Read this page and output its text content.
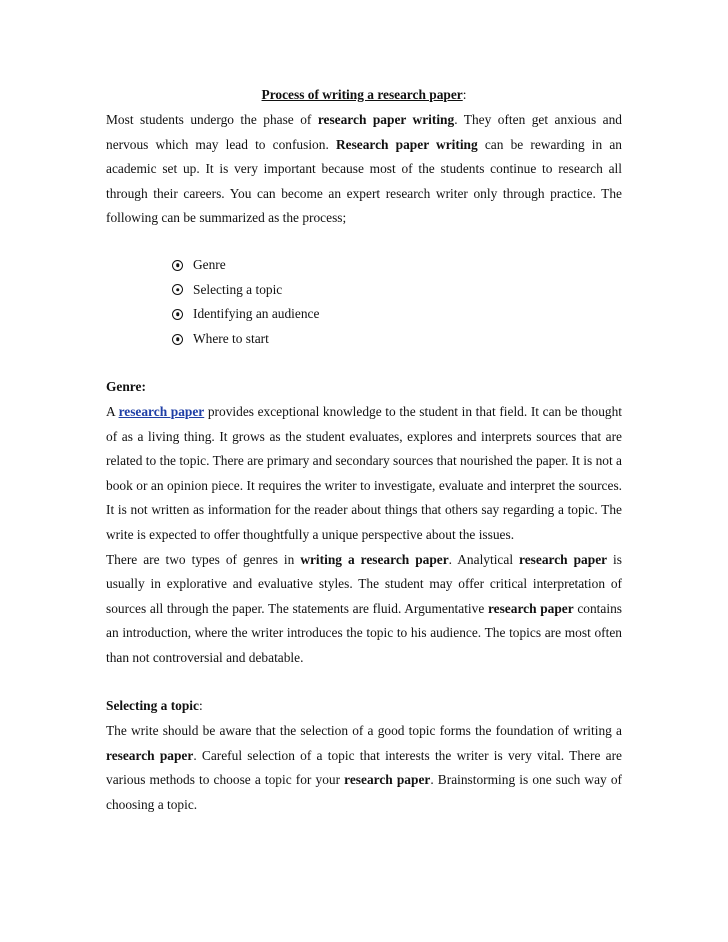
Process of writing a research paper:

Most students undergo the phase of research paper writing. They often get anxious and nervous which may lead to confusion. Research paper writing can be rewarding in an academic set up. It is very important because most of the students continue to research all through their careers. You can become an expert research writer only through practice. The following can be summarized as the process;

Genre
Selecting a topic
Identifying an audience
Where to start

Genre:

A research paper provides exceptional knowledge to the student in that field. It can be thought of as a living thing. It grows as the student evaluates, explores and interprets sources that are related to the topic. There are primary and secondary sources that nourished the paper. It is not a book or an opinion piece. It requires the writer to investigate, evaluate and interpret the sources. It is not written as information for the reader about things that others say regarding a topic. The write is expected to offer thoughtfully a unique perspective about the issues.

There are two types of genres in writing a research paper. Analytical research paper is usually in explorative and evaluative styles. The student may offer critical interpretation of sources all through the paper. The statements are fluid. Argumentative research paper contains an introduction, where the writer introduces the topic to his audience. The topics are most often than not controversial and debatable.

Selecting a topic:

The write should be aware that the selection of a good topic forms the foundation of writing a research paper. Careful selection of a topic that interests the writer is very vital. There are various methods to choose a topic for your research paper. Brainstorming is one such way of choosing a topic.
